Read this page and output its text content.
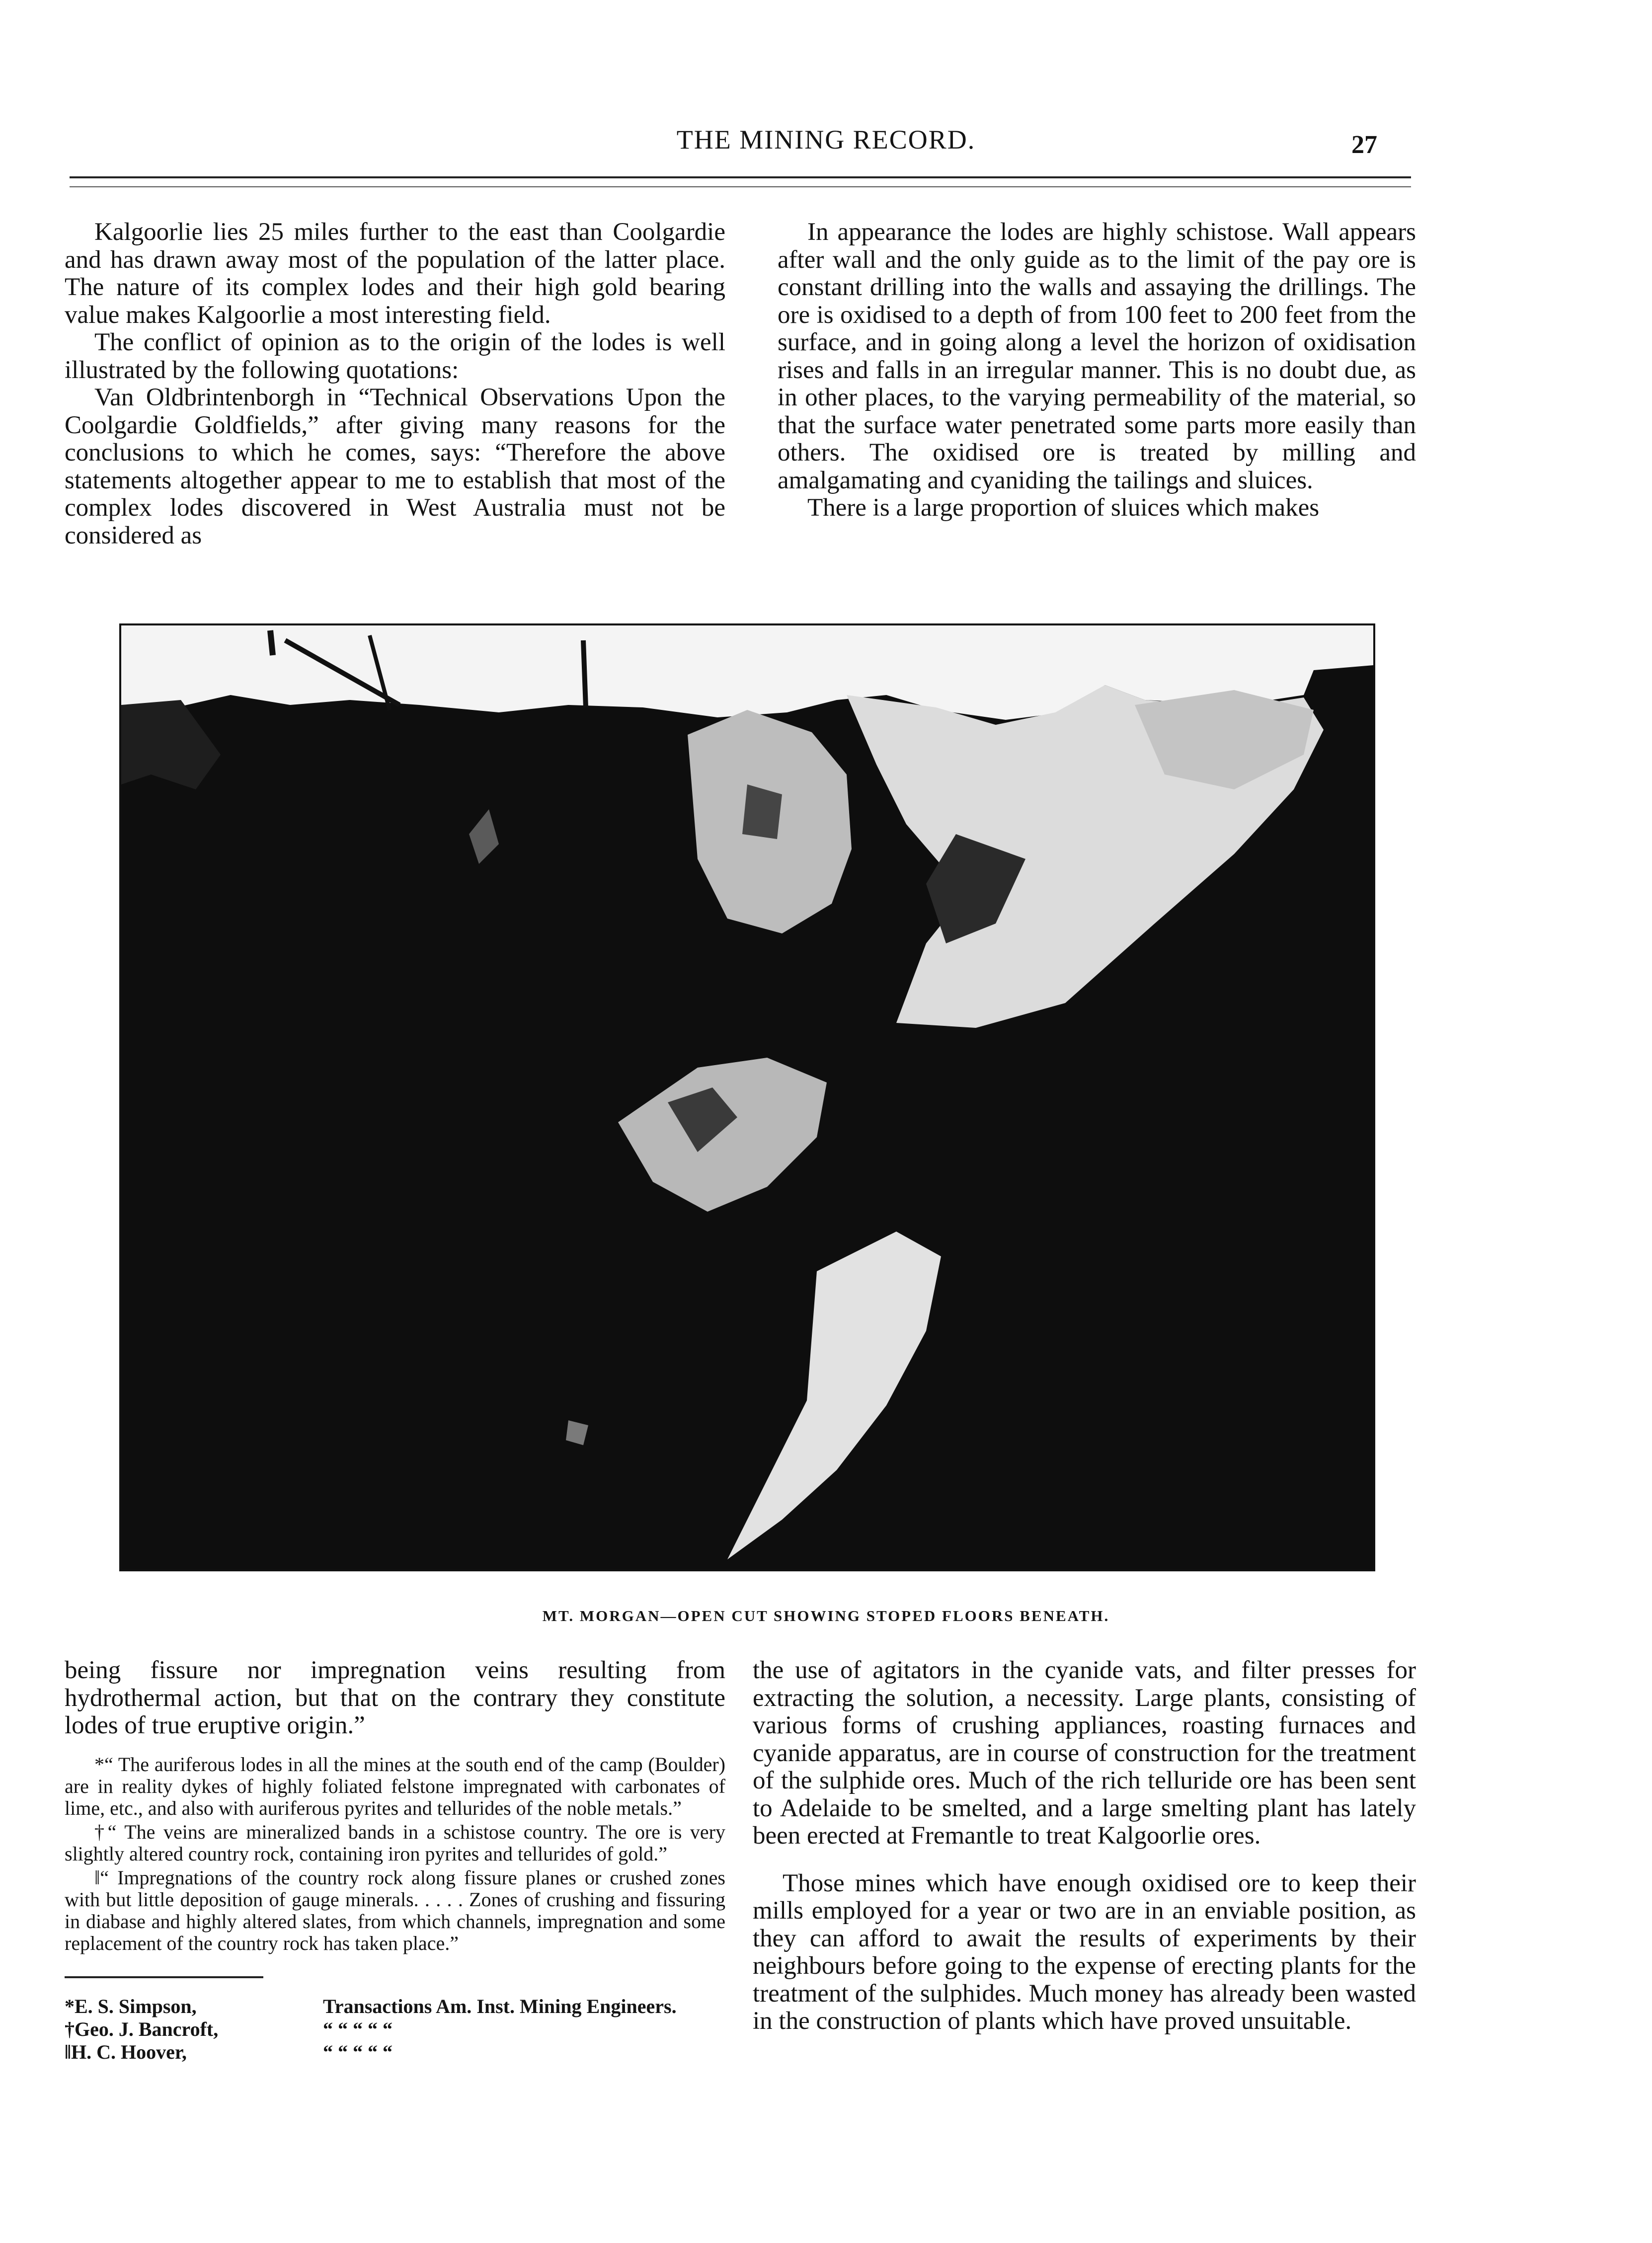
THE MINING RECORD.	27

Kalgoorlie lies 25 miles further to the east than Coolgardie and has drawn away most of the population of the latter place. The nature of its complex lodes and their high gold bearing value makes Kalgoorlie a most interesting field.

The conflict of opinion as to the origin of the lodes is well illustrated by the following quotations:

Van Oldbrintenborgh in “Technical Observations Upon the Coolgardie Goldfields,” after giving many reasons for the conclusions to which he comes, says: “Therefore the above statements altogether appear to me to establish that most of the complex lodes discovered in West Australia must not be considered as

In appearance the lodes are highly schistose. Wall appears after wall and the only guide as to the limit of the pay ore is constant drilling into the walls and assaying the drillings. The ore is oxidised to a depth of from 100 feet to 200 feet from the surface, and in going along a level the horizon of oxidisation rises and falls in an irregular manner. This is no doubt due, as in other places, to the varying permeability of the material, so that the surface water penetrated some parts more easily than others. The oxidised ore is treated by milling and amalgamating and cyaniding the tailings and sluices.

There is a large proportion of sluices which makes

MT. MORGAN—OPEN CUT SHOWING STOPED FLOORS BENEATH.

being fissure nor impregnation veins resulting from hydrothermal action, but that on the contrary they constitute lodes of true eruptive origin.”

*“ The auriferous lodes in all the mines at the south end of the camp (Boulder) are in reality dykes of highly foliated felstone impregnated with carbonates of lime, etc., and also with auriferous pyrites and tellurides of the noble metals.”

†“ The veins are mineralized bands in a schistose country. The ore is very slightly altered country rock, containing iron pyrites and tellurides of gold.”

‖“ Impregnations of the country rock along fissure planes or crushed zones with but little deposition of gauge minerals. . . . . Zones of crushing and fissuring in diabase and highly altered slates, from which channels, impregnation and some replacement of the country rock has taken place.”

*E. S. Simpson,	Transactions Am. Inst. Mining Engineers.
†Geo. J. Bancroft,	“ “ “ “ “
‖H. C. Hoover,	“ “ “ “ “

the use of agitators in the cyanide vats, and filter presses for extracting the solution, a necessity. Large plants, consisting of various forms of crushing appliances, roasting furnaces and cyanide apparatus, are in course of construction for the treatment of the sulphide ores. Much of the rich telluride ore has been sent to Adelaide to be smelted, and a large smelting plant has lately been erected at Fremantle to treat Kalgoorlie ores.

Those mines which have enough oxidised ore to keep their mills employed for a year or two are in an enviable position, as they can afford to await the results of experiments by their neighbours before going to the expense of erecting plants for the treatment of the sulphides. Much money has already been wasted in the construction of plants which have proved unsuitable.
